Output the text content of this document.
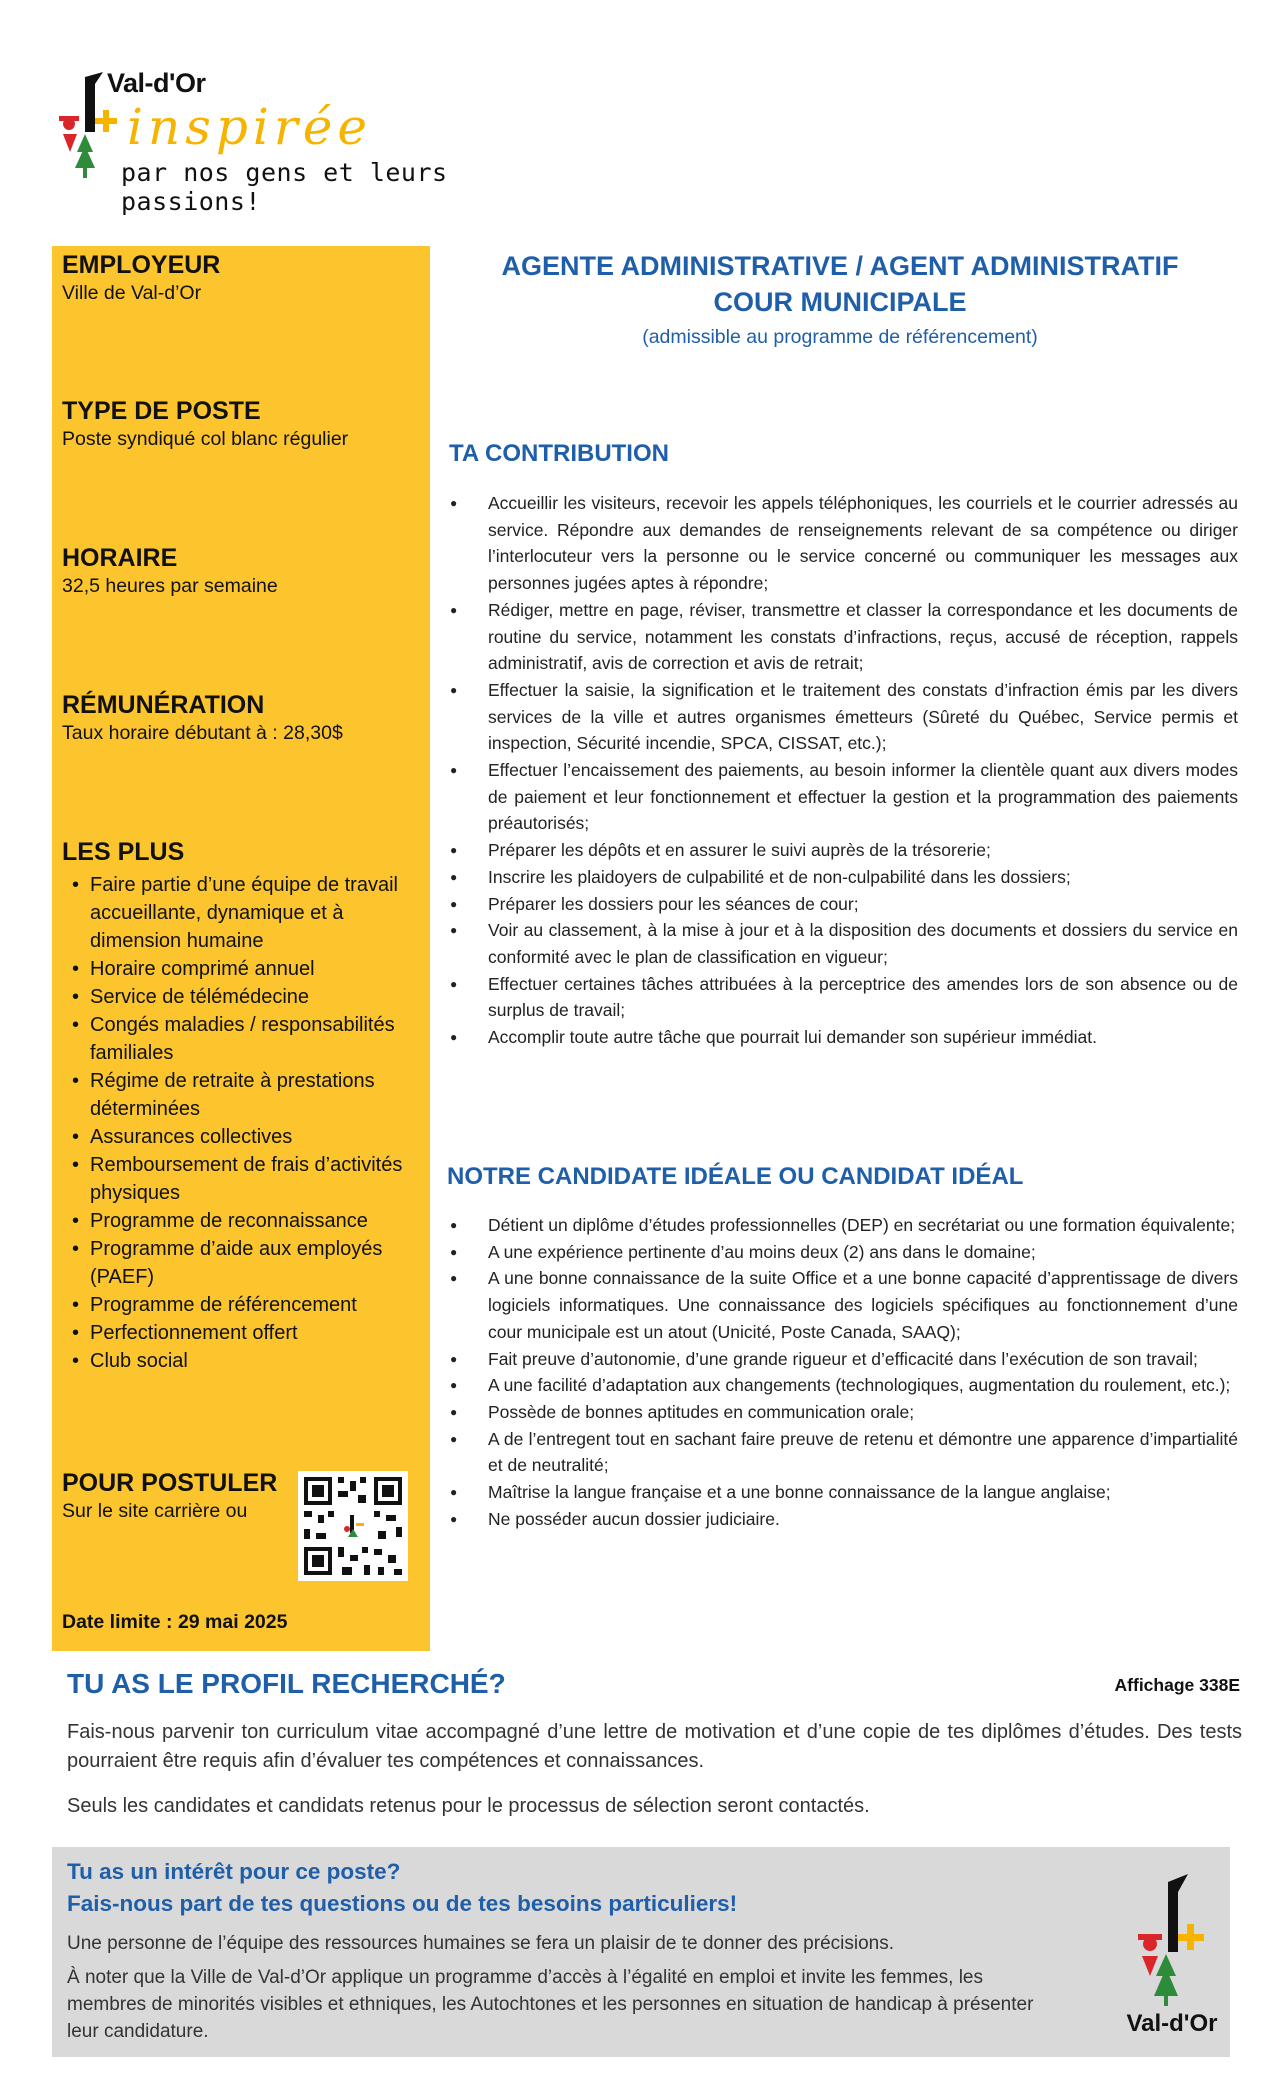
Val-d'Or
inspirée
par nos gens et leurs passions!

EMPLOYEUR

Ville de Val-d’Or

TYPE DE POSTE

Poste syndiqué col blanc régulier

HORAIRE

32,5 heures par semaine

RÉMUNÉRATION

Taux horaire débutant à : 28,30$

LES PLUS

• Faire partie d’une équipe de travail accueillante, dynamique et à dimension humaine
• Horaire comprimé annuel
• Service de télémédecine
• Congés maladies / responsabilités familiales
• Régime de retraite à prestations déterminées
• Assurances collectives
• Remboursement de frais d’activités physiques
• Programme de reconnaissance
• Programme d’aide aux employés (PAEF)
• Programme de référencement
• Perfectionnement offert
• Club social

POUR POSTULER

Sur le site carrière ou

Date limite : 29 mai 2025
AGENTE ADMINISTRATIVE / AGENT ADMINISTRATIF
COUR MUNICIPALE
(admissible au programme de référencement)
TA CONTRIBUTION
● Accueillir les visiteurs, recevoir les appels téléphoniques, les courriels et le courrier adressés au service. Répondre aux demandes de renseignements relevant de sa compétence ou diriger l’interlocuteur vers la personne ou le service concerné ou communiquer les messages aux personnes jugées aptes à répondre;
● Rédiger, mettre en page, réviser, transmettre et classer la correspondance et les documents de routine du service, notamment les constats d’infractions, reçus, accusé de réception, rappels administratif, avis de correction et avis de retrait;
● Effectuer la saisie, la signification et le traitement des constats d’infraction émis par les divers services de la ville et autres organismes émetteurs (Sûreté du Québec, Service permis et inspection, Sécurité incendie, SPCA, CISSAT, etc.);
● Effectuer l’encaissement des paiements, au besoin informer la clientèle quant aux divers modes de paiement et leur fonctionnement et effectuer la gestion et la programmation des paiements préautorisés;
● Préparer les dépôts et en assurer le suivi auprès de la trésorerie;
● Inscrire les plaidoyers de culpabilité et de non-culpabilité dans les dossiers;
● Préparer les dossiers pour les séances de cour;
● Voir au classement, à la mise à jour et à la disposition des documents et dossiers du service en conformité avec le plan de classification en vigueur;
● Effectuer certaines tâches attribuées à la perceptrice des amendes lors de son absence ou de surplus de travail;
● Accomplir toute autre tâche que pourrait lui demander son supérieur immédiat.
NOTRE CANDIDATE IDÉALE OU CANDIDAT IDÉAL
● Détient un diplôme d’études professionnelles (DEP) en secrétariat ou une formation équivalente;
● A une expérience pertinente d’au moins deux (2) ans dans le domaine;
● A une bonne connaissance de la suite Office et a une bonne capacité d’apprentissage de divers logiciels informatiques. Une connaissance des logiciels spécifiques au fonctionnement d’une cour municipale est un atout (Unicité, Poste Canada, SAAQ);
● Fait preuve d’autonomie, d’une grande rigueur et d’efficacité dans l’exécution de son travail;
● A une facilité d’adaptation aux changements (technologiques, augmentation du roulement, etc.);
● Possède de bonnes aptitudes en communication orale;
● A de l’entregent tout en sachant faire preuve de retenu et démontre une apparence d’impartialité et de neutralité;
● Maîtrise la langue française et a une bonne connaissance de la langue anglaise;
● Ne posséder aucun dossier judiciaire.
TU AS LE PROFIL RECHERCHÉ?	Affichage 338E

Fais-nous parvenir ton curriculum vitae accompagné d’une lettre de motivation et d’une copie de tes diplômes d’études. Des tests pourraient être requis afin d’évaluer tes compétences et connaissances.

Seuls les candidates et candidats retenus pour le processus de sélection seront contactés.

Tu as un intérêt pour ce poste?
Fais-nous part de tes questions ou de tes besoins particuliers!

Une personne de l’équipe des ressources humaines se fera un plaisir de te donner des précisions.

À noter que la Ville de Val-d’Or applique un programme d’accès à l’égalité en emploi et invite les femmes, les membres de minorités visibles et ethniques, les Autochtones et les personnes en situation de handicap à présenter leur candidature.	Val-d'Or
